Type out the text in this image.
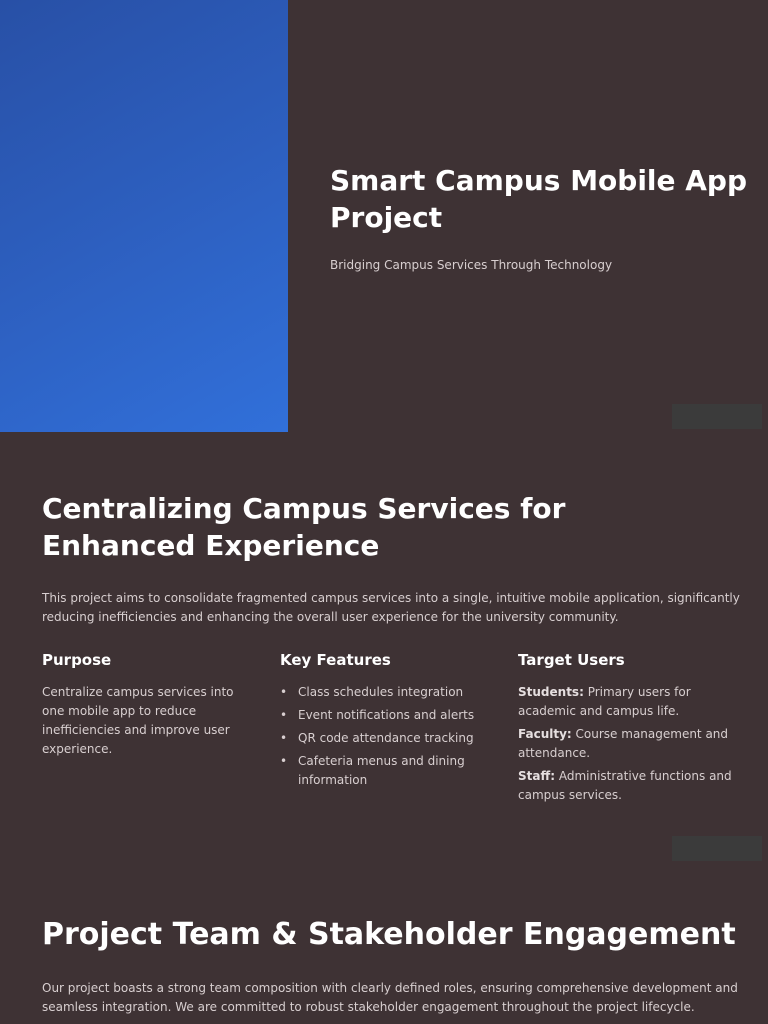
Smart Campus Mobile App Project

Bridging Campus Services Through Technology

Centralizing Campus Services for Enhanced Experience

This project aims to consolidate fragmented campus services into a single, intuitive mobile application, significantly reducing inefficiencies and enhancing the overall user experience for the university community.

Purpose

Centralize campus services into one mobile app to reduce inefficiencies and improve user experience.

Key Features
• Class schedules integration
• Event notifications and alerts
• QR code attendance tracking
• Cafeteria menus and dining information
Target Users

Students: Primary users for academic and campus life.

Faculty: Course management and attendance.

Staff: Administrative functions and campus services.

Project Team & Stakeholder Engagement

Our project boasts a strong team composition with clearly defined roles, ensuring comprehensive development and seamless integration. We are committed to robust stakeholder engagement throughout the project lifecycle.
